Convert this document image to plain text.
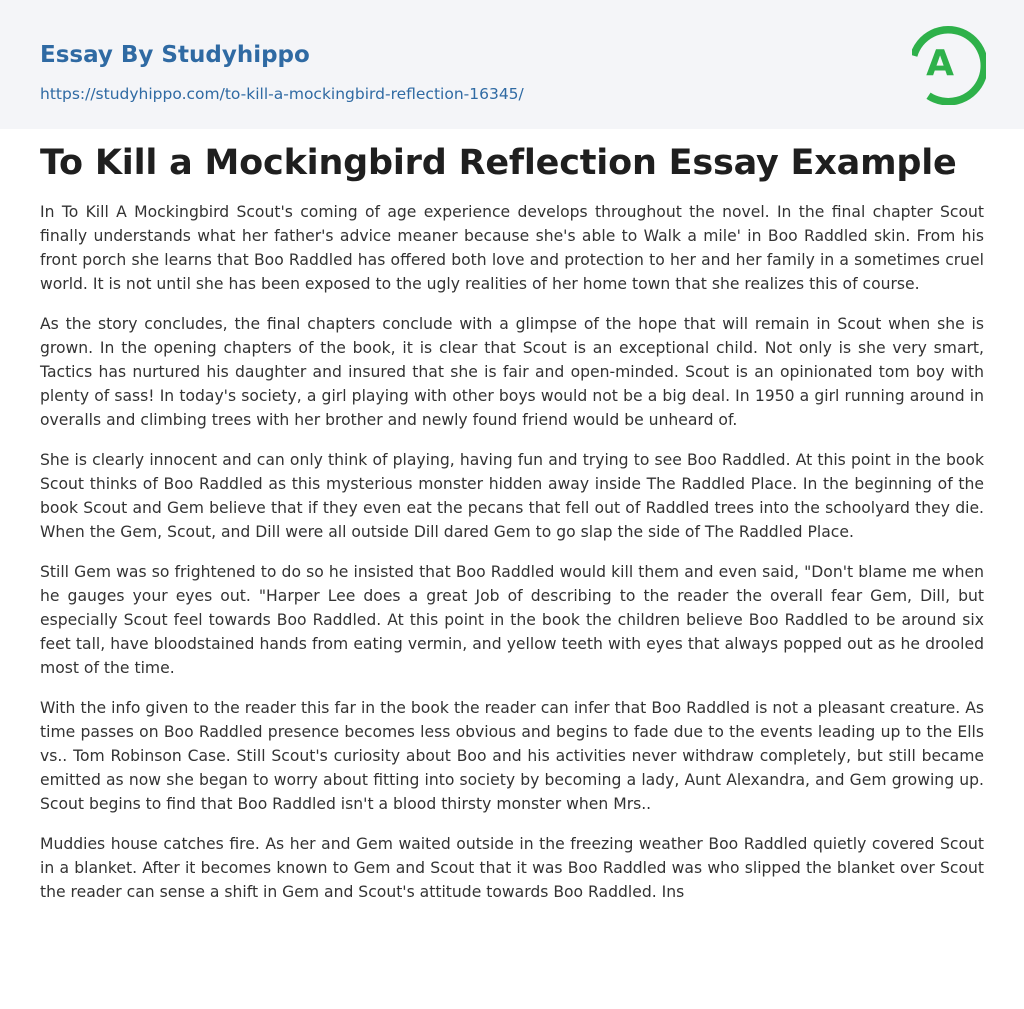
Essay By Studyhippo
https://studyhippo.com/to-kill-a-mockingbird-reflection-16345/
A
To Kill a Mockingbird Reflection Essay Example

In To Kill A Mockingbird Scout's coming of age experience develops throughout the novel. In the final chapter Scout finally understands what her father's advice meaner because she's able to Walk a mile' in Boo Raddled skin. From his front porch she learns that Boo Raddled has offered both love and protection to her and her family in a sometimes cruel world. It is not until she has been exposed to the ugly realities of her home town that she realizes this of course.

As the story concludes, the final chapters conclude with a glimpse of the hope that will remain in Scout when she is grown. In the opening chapters of the book, it is clear that Scout is an exceptional child. Not only is she very smart, Tactics has nurtured his daughter and insured that she is fair and open-minded. Scout is an opinionated tom boy with plenty of sass! In today's society, a girl playing with other boys would not be a big deal. In 1950 a girl running around in overalls and climbing trees with her brother and newly found friend would be unheard of.

She is clearly innocent and can only think of playing, having fun and trying to see Boo Raddled. At this point in the book Scout thinks of Boo Raddled as this mysterious monster hidden away inside The Raddled Place. In the beginning of the book Scout and Gem believe that if they even eat the pecans that fell out of Raddled trees into the schoolyard they die. When the Gem, Scout, and Dill were all outside Dill dared Gem to go slap the side of The Raddled Place.

Still Gem was so frightened to do so he insisted that Boo Raddled would kill them and even said, "Don't blame me when he gauges your eyes out. "Harper Lee does a great Job of describing to the reader the overall fear Gem, Dill, but especially Scout feel towards Boo Raddled. At this point in the book the children believe Boo Raddled to be around six feet tall, have bloodstained hands from eating vermin, and yellow teeth with eyes that always popped out as he drooled most of the time.

With the info given to the reader this far in the book the reader can infer that Boo Raddled is not a pleasant creature. As time passes on Boo Raddled presence becomes less obvious and begins to fade due to the events leading up to the Ells vs.. Tom Robinson Case. Still Scout's curiosity about Boo and his activities never withdraw completely, but still became emitted as now she began to worry about fitting into society by becoming a lady, Aunt Alexandra, and Gem growing up. Scout begins to find that Boo Raddled isn't a blood thirsty monster when Mrs..

Muddies house catches fire. As her and Gem waited outside in the freezing weather Boo Raddled quietly covered Scout in a blanket. After it becomes known to Gem and Scout that it was Boo Raddled was who slipped the blanket over Scout the reader can sense a shift in Gem and Scout's attitude towards Boo Raddled. Ins
